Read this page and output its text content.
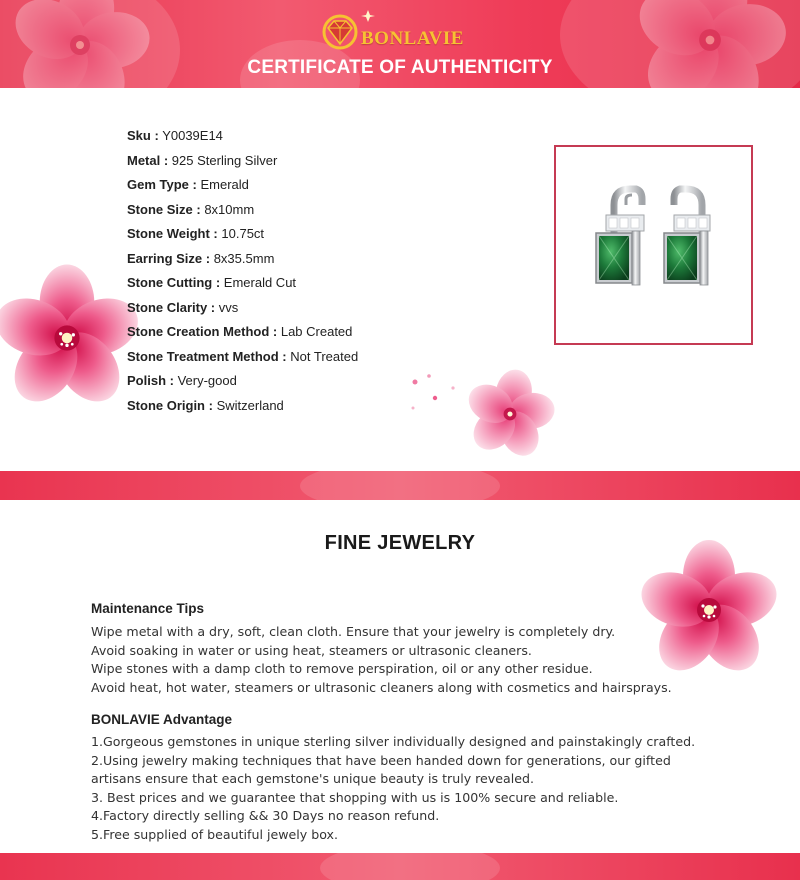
BONLAVIE
CERTIFICATE OF AUTHENTICITY
Sku : Y0039E14
Metal : 925 Sterling Silver
Gem Type : Emerald
Stone Size : 8x10mm
Stone Weight : 10.75ct
Earring Size : 8x35.5mm
Stone Cutting : Emerald Cut
Stone Clarity : vvs
Stone Creation Method : Lab Created
Stone Treatment Method : Not Treated
Polish : Very-good
Stone Origin : Switzerland
FINE JEWELRY
Maintenance Tips
Wipe metal with a dry, soft, clean cloth. Ensure that your jewelry is completely dry.
Avoid soaking in water or using heat, steamers or ultrasonic cleaners.
Wipe stones with a damp cloth to remove perspiration, oil or any other residue.
Avoid heat, hot water, steamers or ultrasonic cleaners along with cosmetics and hairsprays.
BONLAVIE Advantage
1.Gorgeous gemstones in unique sterling silver individually designed and painstakingly crafted.
2.Using jewelry making techniques that have been handed down for generations, our gifted
artisans ensure that each gemstone's unique beauty is truly revealed.
3. Best prices and we guarantee that shopping with us is 100% secure and reliable.
4.Factory directly selling && 30 Days no reason refund.
5.Free supplied of beautiful jewely box.
